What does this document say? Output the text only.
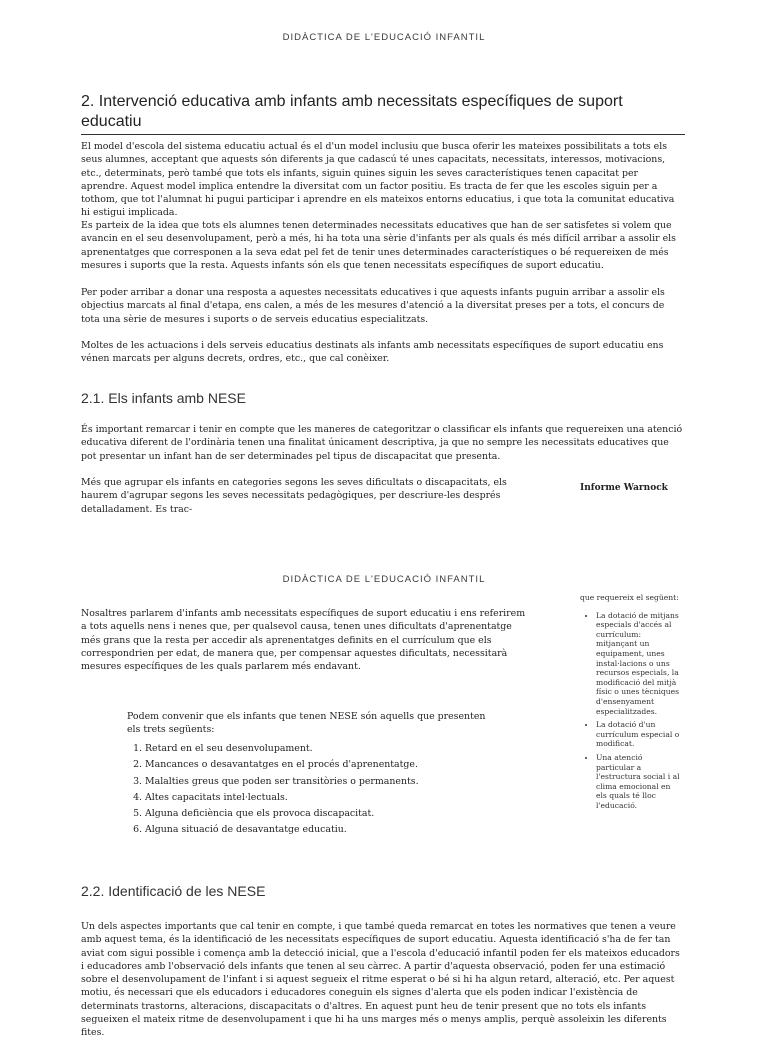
DIDÀCTICA DE L'EDUCACIÓ INFANTIL
2. Intervenció educativa amb infants amb necessitats específiques de suport educatiu
El model d'escola del sistema educatiu actual és el d'un model inclusiu que busca oferir les mateixes possibilitats a tots els seus alumnes, acceptant que aquests són diferents ja que cadascú té unes capacitats, necessitats, interessos, motivacions, etc., determinats, però també que tots els infants, siguin quines siguin les seves característiques tenen capacitat per aprendre. Aquest model implica entendre la diversitat com un factor positiu. Es tracta de fer que les escoles siguin per a tothom, que tot l'alumnat hi pugui participar i aprendre en els mateixos entorns educatius, i que tota la comunitat educativa hi estigui implicada.
Es parteix de la idea que tots els alumnes tenen determinades necessitats educatives que han de ser satisfetes si volem que avancin en el seu desenvolupament, però a més, hi ha tota una sèrie d'infants per als quals és més difícil arribar a assolir els aprenentatges que corresponen a la seva edat pel fet de tenir unes determinades característiques o bé requereixen de més mesures i suports que la resta. Aquests infants són els que tenen necessitats específiques de suport educatiu.
Per poder arribar a donar una resposta a aquestes necessitats educatives i que aquests infants puguin arribar a assolir els objectius marcats al final d'etapa, ens calen, a més de les mesures d'atenció a la diversitat preses per a tots, el concurs de tota una sèrie de mesures i suports o de serveis educatius especialitzats.
Moltes de les actuacions i dels serveis educatius destinats als infants amb necessitats específiques de suport educatiu ens vénen marcats per alguns decrets, ordres, etc., que cal conèixer.
2.1. Els infants amb NESE
És important remarcar i tenir en compte que les maneres de categoritzar o classificar els infants que requereixen una atenció educativa diferent de l'ordinària tenen una finalitat únicament descriptiva, ja que no sempre les necessitats educatives que pot presentar un infant han de ser determinades pel tipus de discapacitat que presenta.
Més que agrupar els infants en categories segons les seves dificultats o discapacitats, els haurem d'agrupar segons les seves necessitats pedagògiques, per descriure-les després detalladament. Es trac-
Informe Warnock
DIDÀCTICA DE L'EDUCACIÓ INFANTIL
Nosaltres parlarem d'infants amb necessitats específiques de suport educatiu i ens referirem a tots aquells nens i nenes que, per qualsevol causa, tenen unes dificultats d'aprenentatge més grans que la resta per accedir als aprenentatges definits en el currículum que els correspondrien per edat, de manera que, per compensar aquestes dificultats, necessitarà mesures específiques de les quals parlarem més endavant.
Podem convenir que els infants que tenen NESE són aquells que presenten els trets següents:
1. Retard en el seu desenvolupament.
2. Mancances o desavantatges en el procés d'aprenentatge.
3. Malalties greus que poden ser transitòries o permanents.
4. Altes capacitats intel·lectuals.
5. Alguna deficiència que els provoca discapacitat.
6. Alguna situació de desavantatge educatiu.
que requereix el següent:
• La dotació de mitjans especials d'accés al currículum: mitjançant un equipament, unes instal·lacions o uns recursos especials, la modificació del mitjà físic o unes tècniques d'ensenyament especialitzades.
• La dotació d'un currículum especial o modificat.
• Una atenció particular a l'estructura social i al clima emocional en els quals té lloc l'educació.
2.2. Identificació de les NESE
Un dels aspectes importants que cal tenir en compte, i que també queda remarcat en totes les normatives que tenen a veure amb aquest tema, és la identificació de les necessitats específiques de suport educatiu. Aquesta identificació s'ha de fer tan aviat com sigui possible i comença amb la detecció inicial, que a l'escola d'educació infantil poden fer els mateixos educadors i educadores amb l'observació dels infants que tenen al seu càrrec. A partir d'aquesta observació, poden fer una estimació sobre el desenvolupament de l'infant i si aquest segueix el ritme esperat o bé si hi ha algun retard, alteració, etc. Per aquest motiu, és necessari que els educadors i educadores coneguin els signes d'alerta que els poden indicar l'existència de determinats trastorns, alteracions, discapacitats o d'altres. En aquest punt heu de tenir present que no tots els infants segueixen el mateix ritme de desenvolupament i que hi ha uns marges més o menys amplis, perquè assoleixin les diferents fites.
